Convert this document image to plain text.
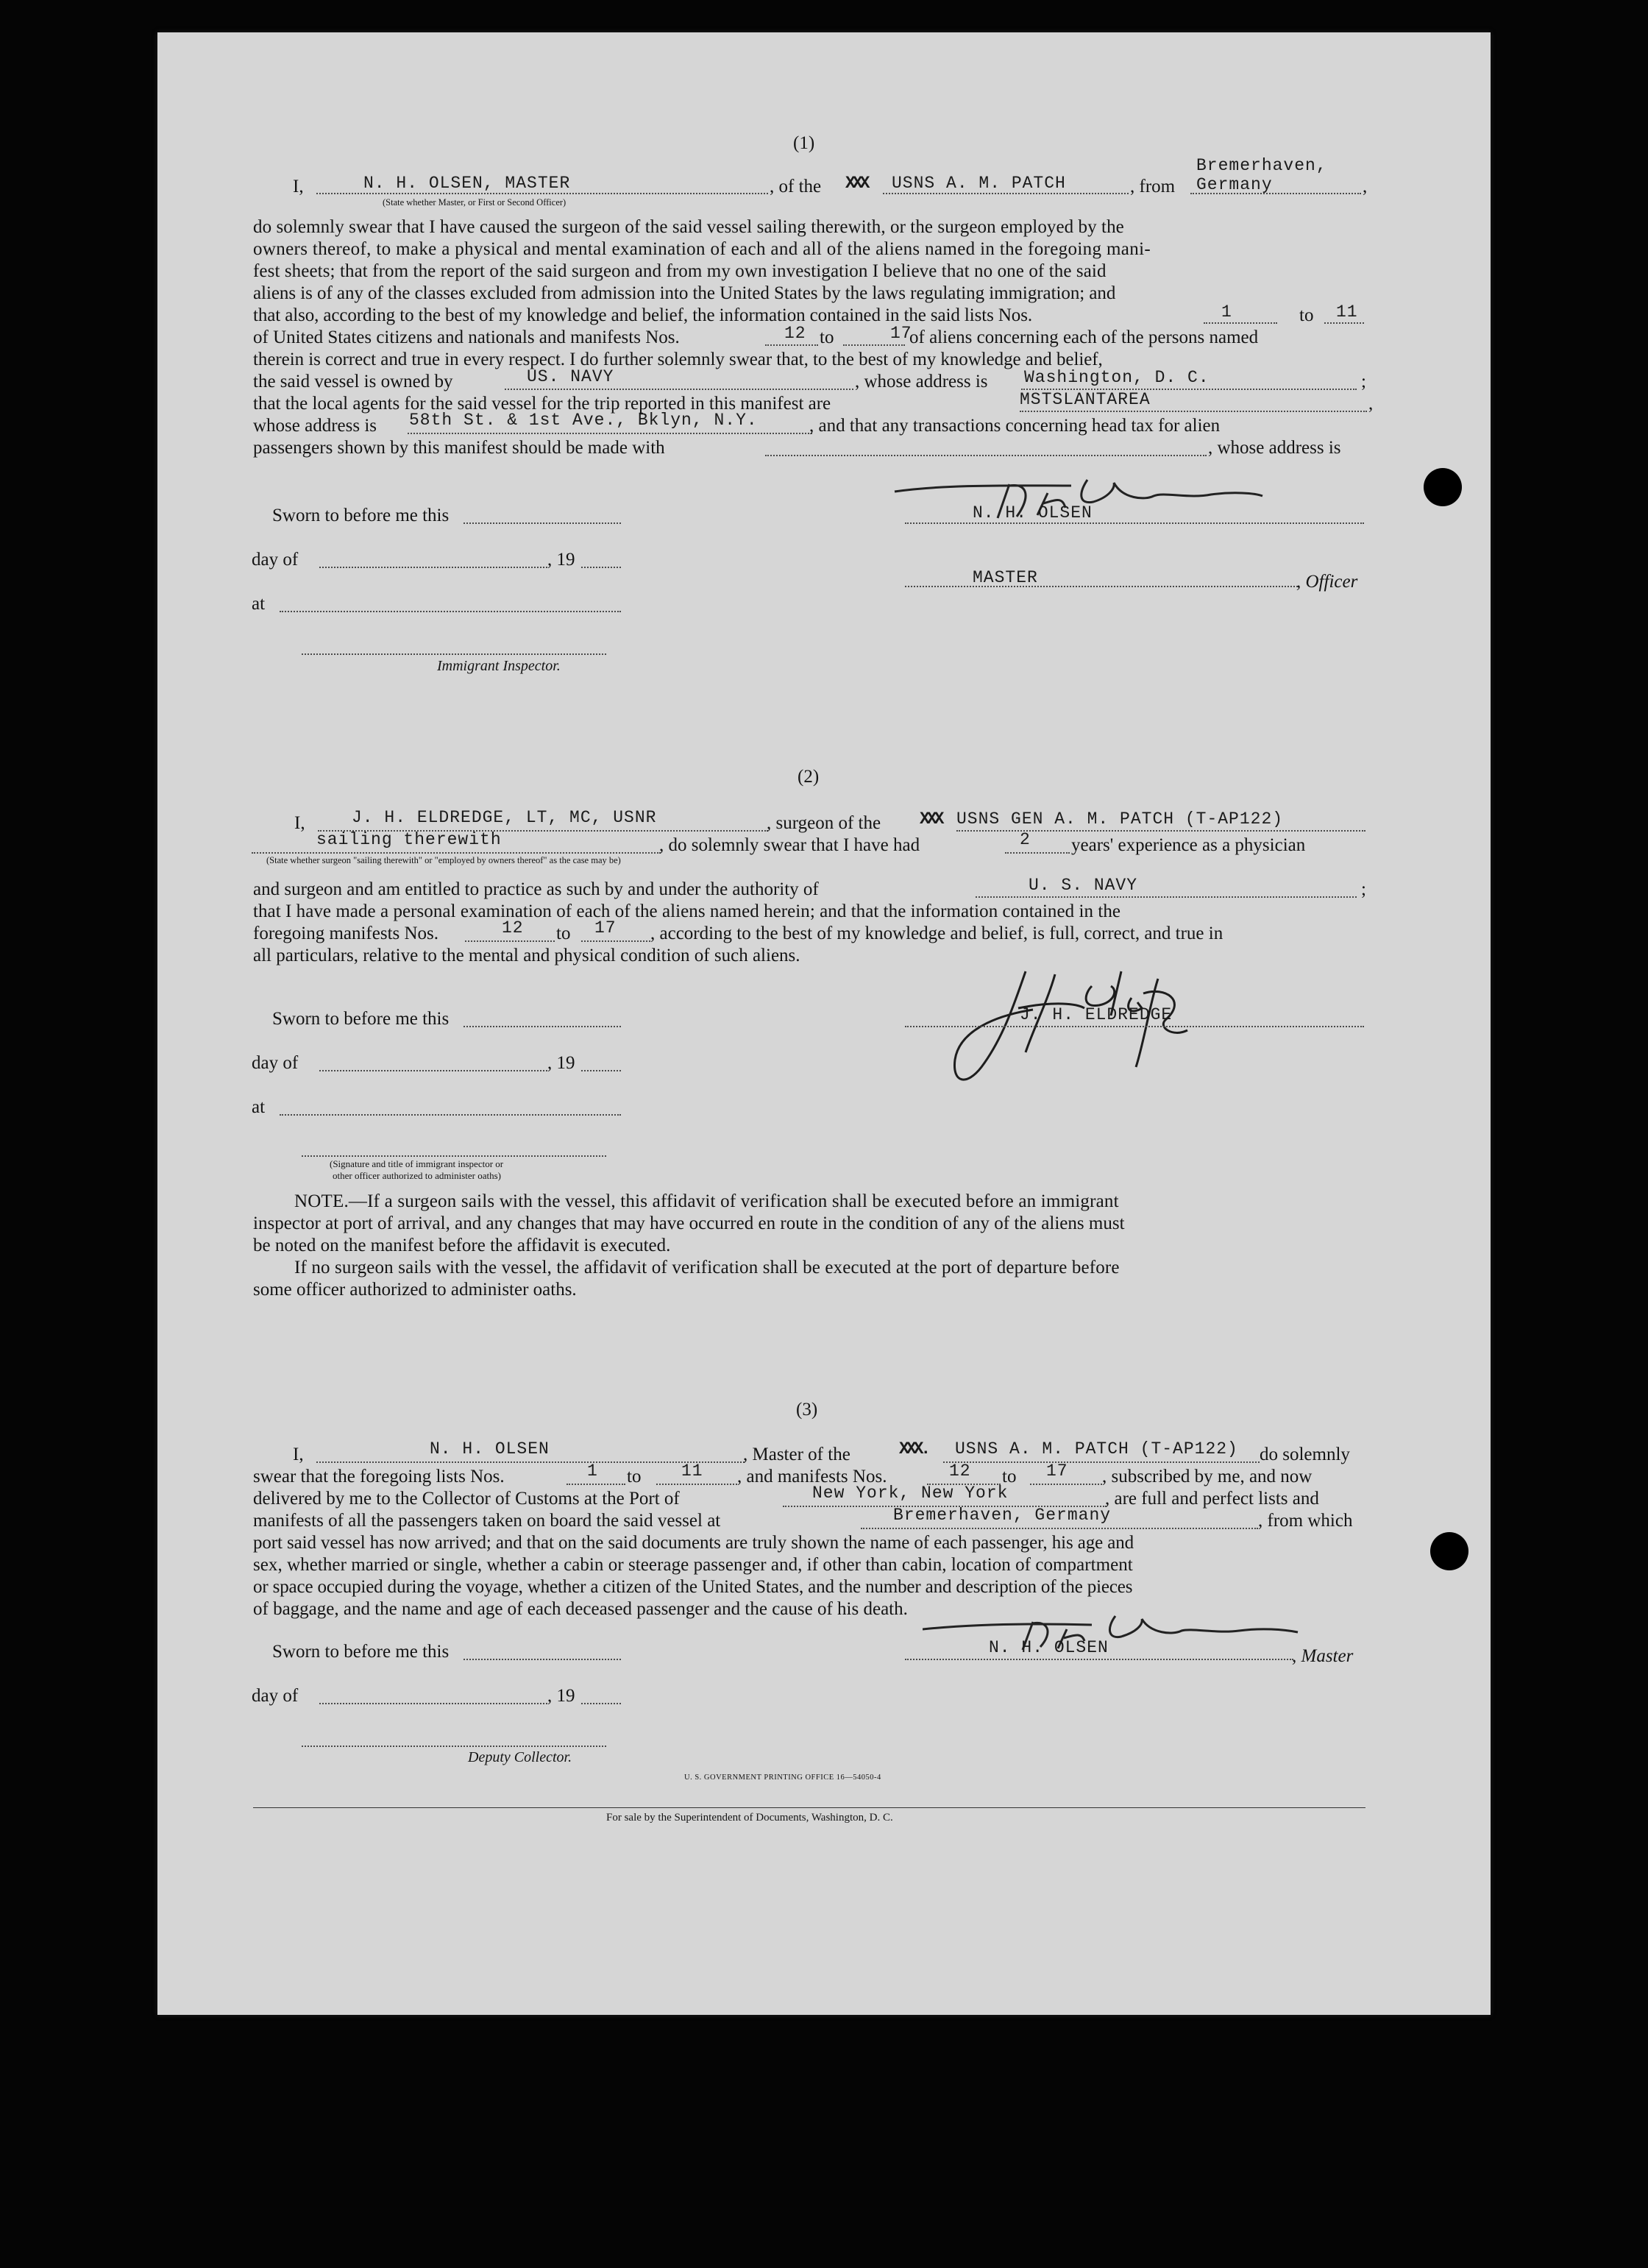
(1)
Bremerhaven,
I,	N. H. OLSEN, MASTER	, of the XXX USNS A. M. PATCH	, from Germany	,
(State whether Master, or First or Second Officer)
do solemnly swear that I have caused the surgeon of the said vessel sailing therewith, or the surgeon employed by the
owners thereof, to make a physical and mental examination of each and all of the aliens named in the foregoing mani-
fest sheets; that from the report of the said surgeon and from my own investigation I believe that no one of the said
aliens is of any of the classes excluded from admission into the United States by the laws regulating immigration; and
that also, according to the best of my knowledge and belief, the information contained in the said lists Nos.	1	to 11
of United States citizens and nationals and manifests Nos.	12 to	17
of aliens concerning each of the persons named
therein is correct and true in every respect. I do further solemnly swear that, to the best of my knowledge and belief,
the said vessel is owned by	US. NAVY	, whose address is Washington, D. C.	;
that the local agents for the said vessel for the trip reported in this manifest are	MSTSLANTAREA	,
whose address is 58th St. & 1st Ave., Bklyn, N.Y.	, and that any transactions concerning head tax for alien
passengers shown by this manifest should be made with	, whose address is
Sworn to before me this	N. H. OLSEN
day of	, 19
at
MASTER	, Officer
Immigrant Inspector.
(2)
I,	J. H. ELDREDGE, LT, MC, USNR	, surgeon of the XXX USNS GEN A. M. PATCH (T-AP122)
sailing therewith	, do solemnly swear that I have had	2 years' experience as a physician
(State whether surgeon "sailing therewith" or "employed by owners thereof" as the case may be)
and surgeon and am entitled to practice as such by and under the authority of	U. S. NAVY	;
that I have made a personal examination of each of the aliens named herein; and that the information contained in the
foregoing manifests Nos.	12 to 17 , according to the best of my knowledge and belief, is full, correct, and true in
all particulars, relative to the mental and physical condition of such aliens.
Sworn to before me this	J. H. ELDREDGE
day of	, 19
at
(Signature and title of immigrant inspector or
other officer authorized to administer oaths)
NOTE.—If a surgeon sails with the vessel, this affidavit of verification shall be executed before an immigrant
inspector at port of arrival, and any changes that may have occurred en route in the condition of any of the aliens must
be noted on the manifest before the affidavit is executed.
If no surgeon sails with the vessel, the affidavit of verification shall be executed at the port of departure before
some officer authorized to administer oaths.
(3)
I,	N. H. OLSEN	, Master of the	XXX. USNS A. M. PATCH (T-AP122) do solemnly
swear that the foregoing lists Nos.	1 to 11 , and manifests Nos.	12 to 17 , subscribed by me, and now
delivered by me to the Collector of Customs at the Port of	New York, New York	, are full and perfect lists and
manifests of all the passengers taken on board the said vessel at	Bremerhaven, Germany	, from which
port said vessel has now arrived; and that on the said documents are truly shown the name of each passenger, his age and
sex, whether married or single, whether a cabin or steerage passenger and, if other than cabin, location of compartment
or space occupied during the voyage, whether a citizen of the United States, and the number and description of the pieces
of baggage, and the name and age of each deceased passenger and the cause of his death.
Sworn to before me this	N. H. OLSEN	, Master
day of	, 19
Deputy Collector.
U. S. GOVERNMENT PRINTING OFFICE 16—54050-4
For sale by the Superintendent of Documents, Washington, D. C.
